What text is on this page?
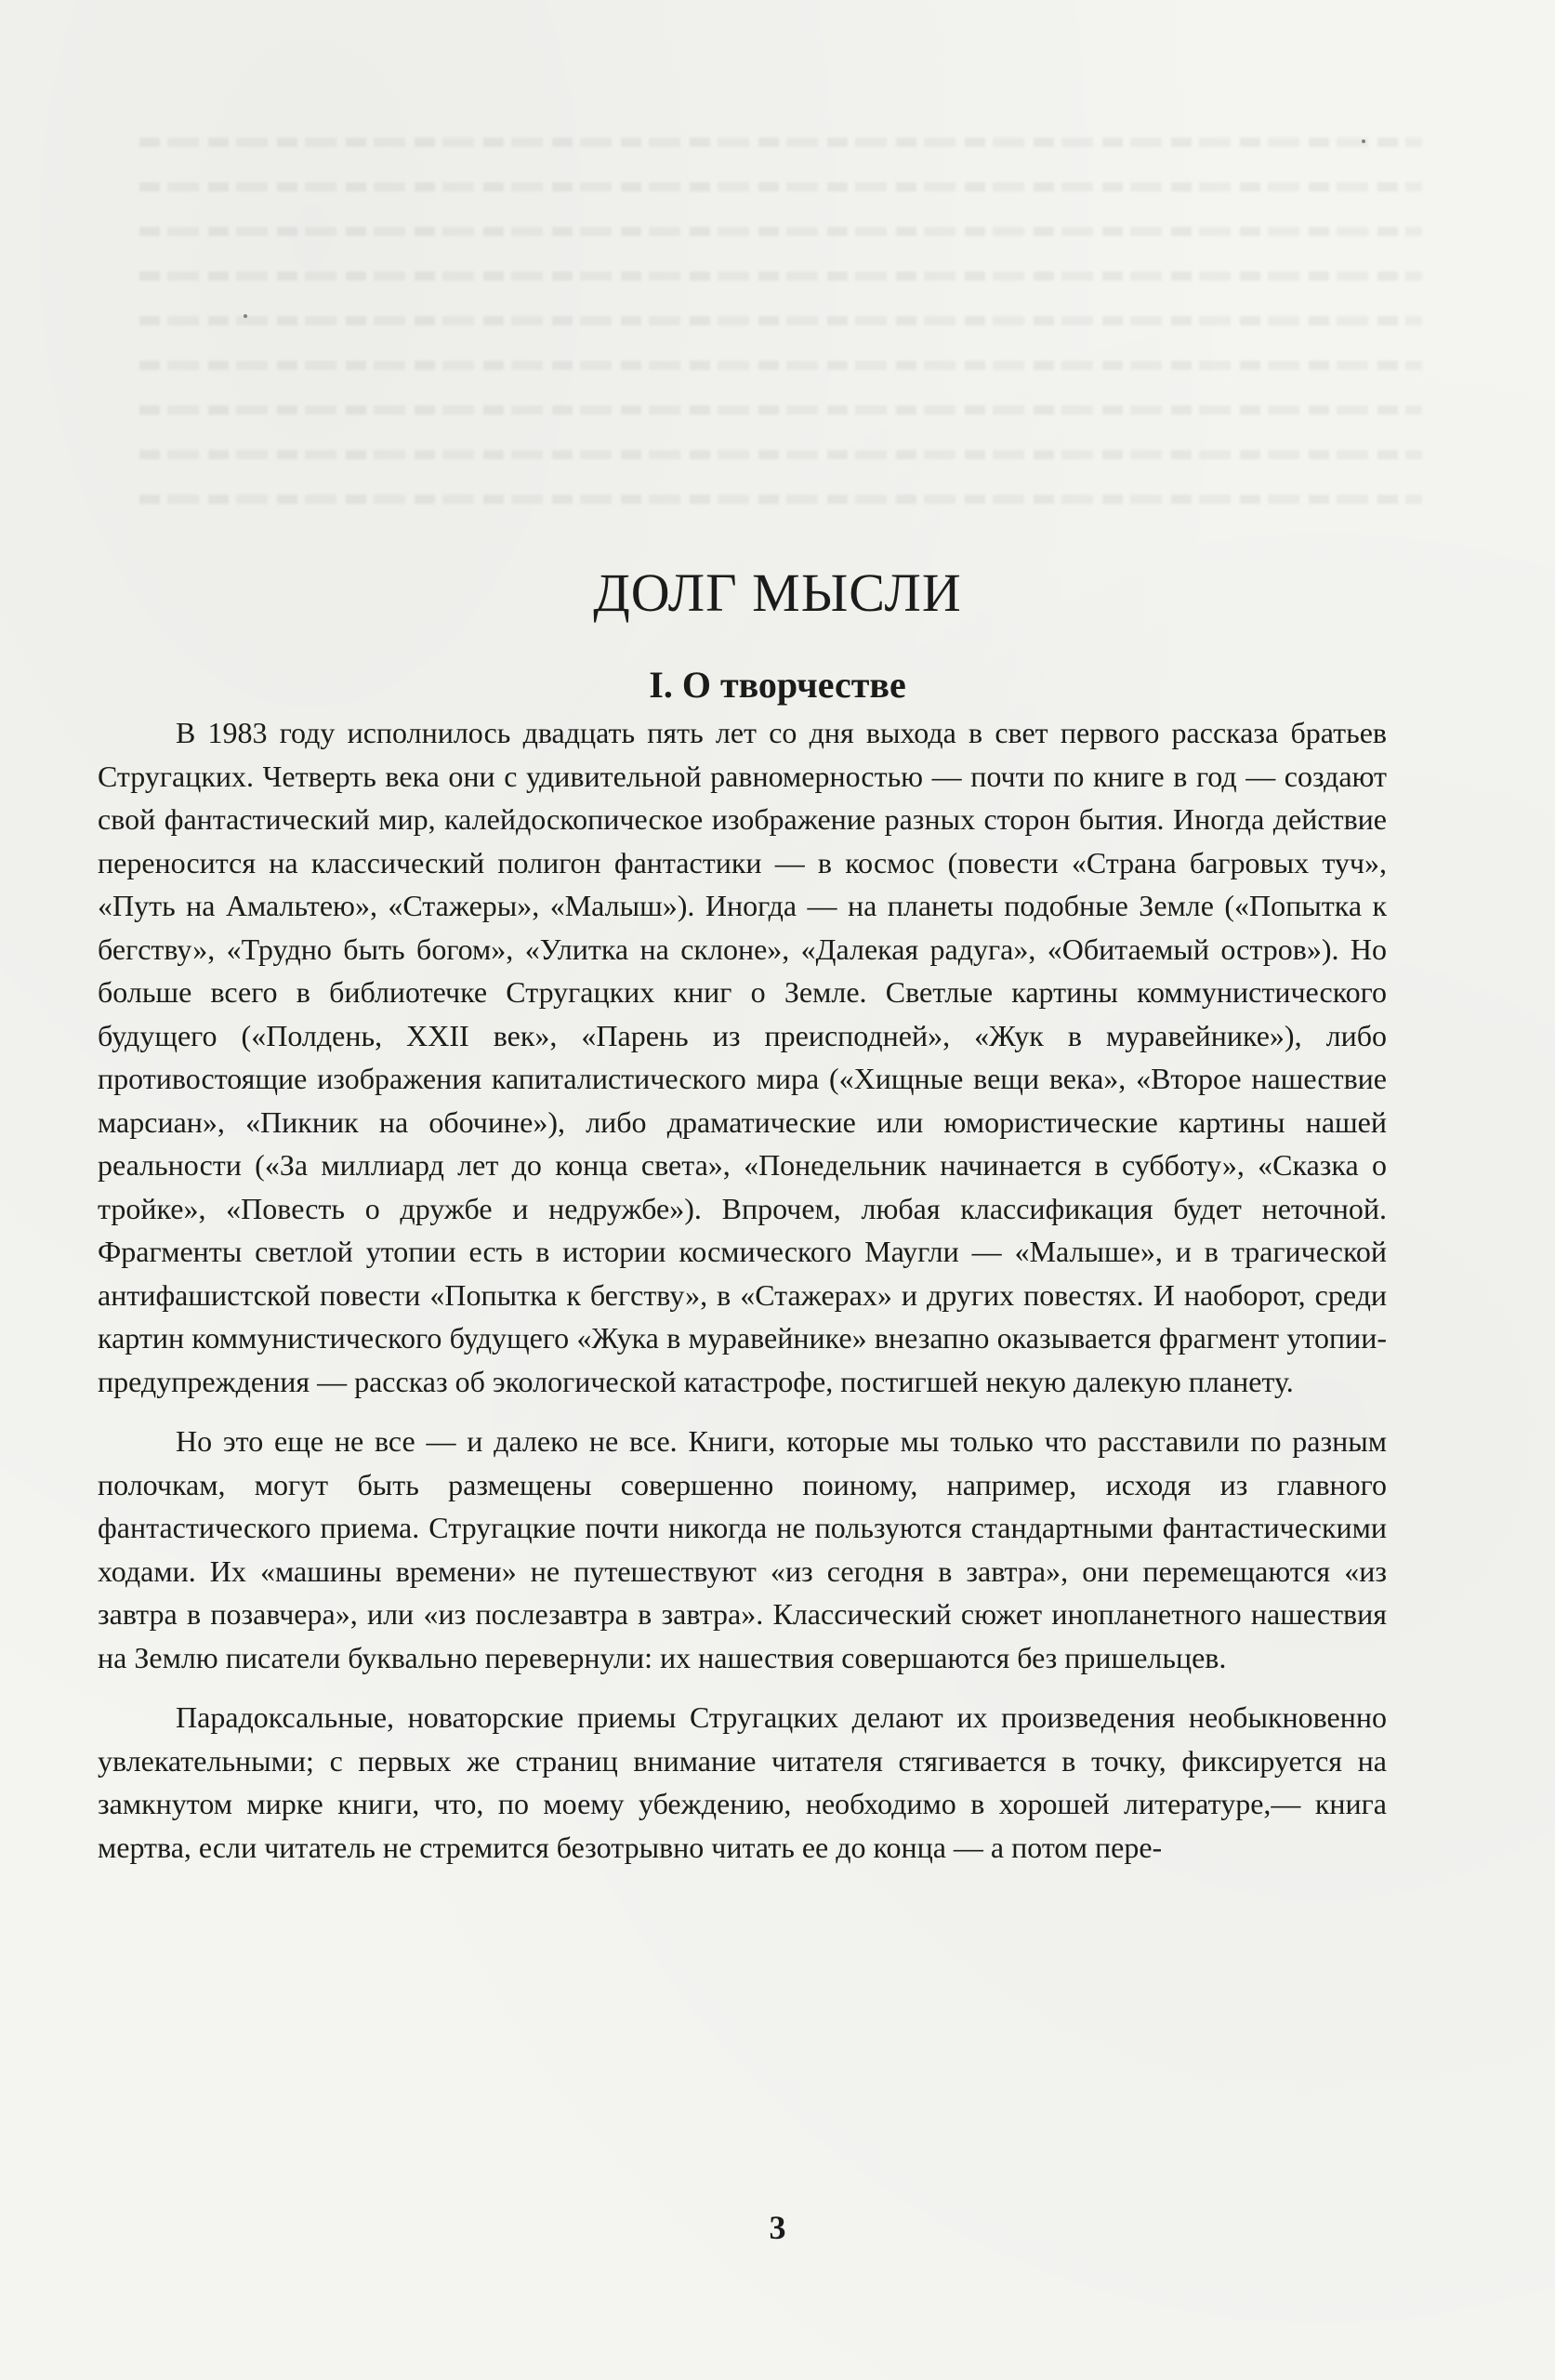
ДОЛГ МЫСЛИ
I. О творчестве

В 1983 году исполнилось двадцать пять лет со дня выхода в свет первого рассказа братьев Стругацких. Четверть века они с удивительной равномерностью — почти по книге в год — создают свой фантастический мир, калейдоскопическое изображение разных сторон бытия. Иногда действие переносится на классический полигон фантастики — в космос (повести «Страна багровых туч», «Путь на Амальтею», «Стажеры», «Малыш»). Иногда — на планеты подобные Земле («Попытка к бегству», «Трудно быть богом», «Улитка на склоне», «Далекая радуга», «Обитаемый остров»). Но больше всего в библиотечке Стругацких книг о Земле. Светлые картины коммунистического будущего («Полдень, XXII век», «Парень из преисподней», «Жук в муравейнике»), либо противостоящие изображения капиталистического мира («Хищные вещи века», «Второе нашествие марсиан», «Пикник на обочине»), либо драматические или юмористические картины нашей реальности («За миллиард лет до конца света», «Понедельник начинается в субботу», «Сказка о тройке», «Повесть о дружбе и недружбе»). Впрочем, любая классификация будет неточной. Фрагменты светлой утопии есть в истории космического Маугли — «Малыше», и в трагической антифашистской повести «Попытка к бегству», в «Стажерах» и других повестях. И наоборот, среди картин коммунистического будущего «Жука в муравейнике» внезапно оказывается фрагмент утопии-предупреждения — рассказ об экологической катастрофе, постигшей некую далекую планету.

Но это еще не все — и далеко не все. Книги, которые мы только что расставили по разным полочкам, могут быть размещены совершенно поиному, например, исходя из главного фантастического приема. Стругацкие почти никогда не пользуются стандартными фантастическими ходами. Их «машины времени» не путешествуют «из сегодня в завтра», они перемещаются «из завтра в позавчера», или «из послезавтра в завтра». Классический сюжет инопланетного нашествия на Землю писатели буквально перевернули: их нашествия совершаются без пришельцев.

Парадоксальные, новаторские приемы Стругацких делают их произведения необыкновенно увлекательными; с первых же страниц внимание читателя стягивается в точку, фиксируется на замкнутом мирке книги, что, по моему убеждению, необходимо в хорошей литературе,— книга мертва, если читатель не стремится безотрывно читать ее до конца — а потом пере-

3
